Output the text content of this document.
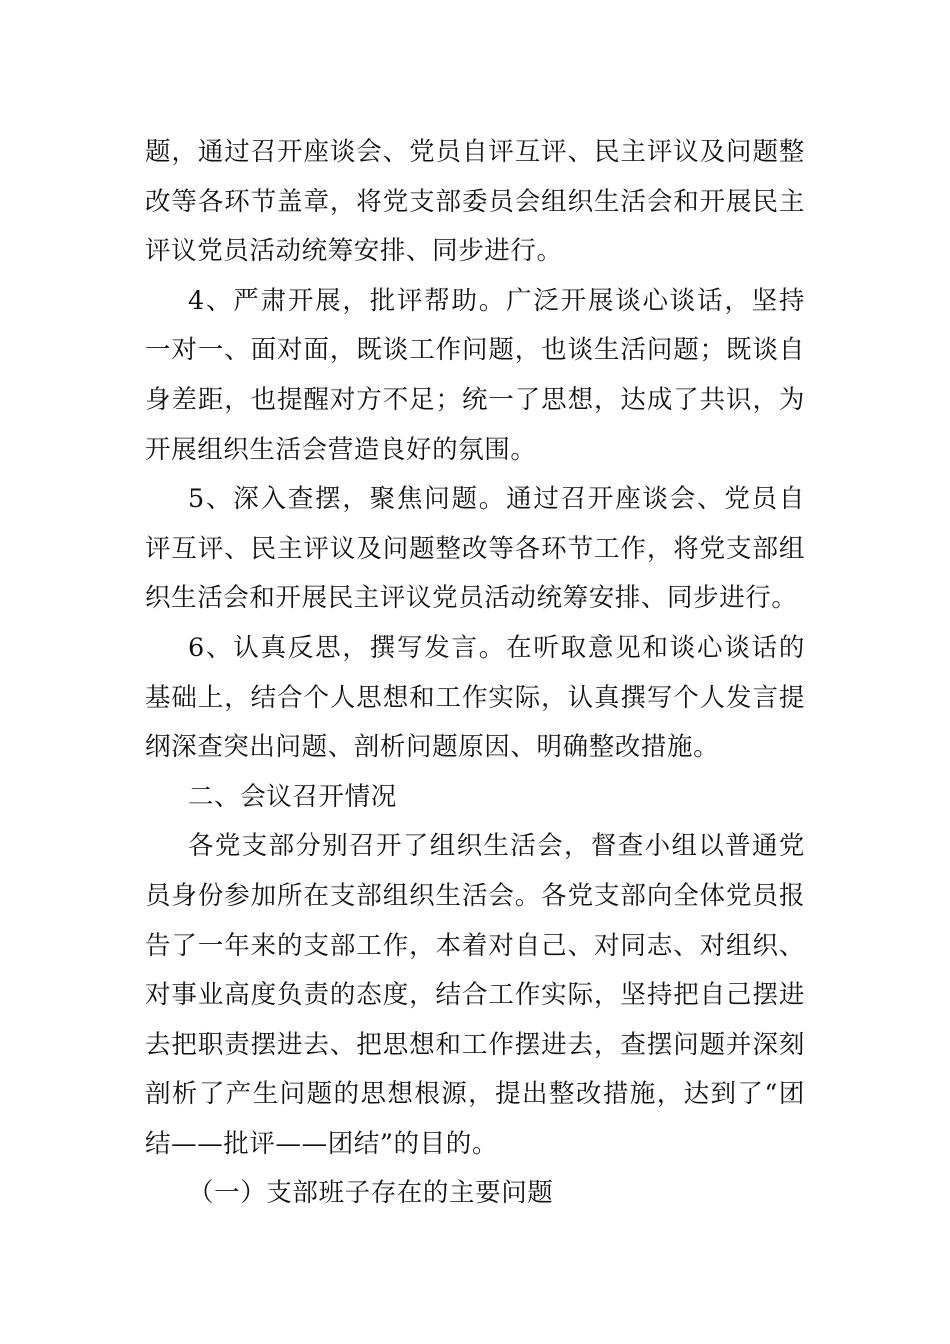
题，通过召开座谈会、党员自评互评、民主评议及问题整改等各环节盖章，将党支部委员会组织生活会和开展民主评议党员活动统筹安排、同步进行。

4、严肃开展，批评帮助。广泛开展谈心谈话，坚持一对一、面对面，既谈工作问题，也谈生活问题；既谈自身差距，也提醒对方不足；统一了思想，达成了共识，为开展组织生活会营造良好的氛围。

5、深入查摆，聚焦问题。通过召开座谈会、党员自评互评、民主评议及问题整改等各环节工作，将党支部组织生活会和开展民主评议党员活动统筹安排、同步进行。

6、认真反思，撰写发言。在听取意见和谈心谈话的基础上，结合个人思想和工作实际，认真撰写个人发言提纲深查突出问题、剖析问题原因、明确整改措施。

二、会议召开情况

各党支部分别召开了组织生活会，督查小组以普通党员身份参加所在支部组织生活会。各党支部向全体党员报告了一年来的支部工作，本着对自己、对同志、对组织、对事业高度负责的态度，结合工作实际，坚持把自己摆进去把职责摆进去、把思想和工作摆进去，查摆问题并深刻剖析了产生问题的思想根源，提出整改措施，达到了“团结——批评——团结”的目的。

（一）支部班子存在的主要问题
